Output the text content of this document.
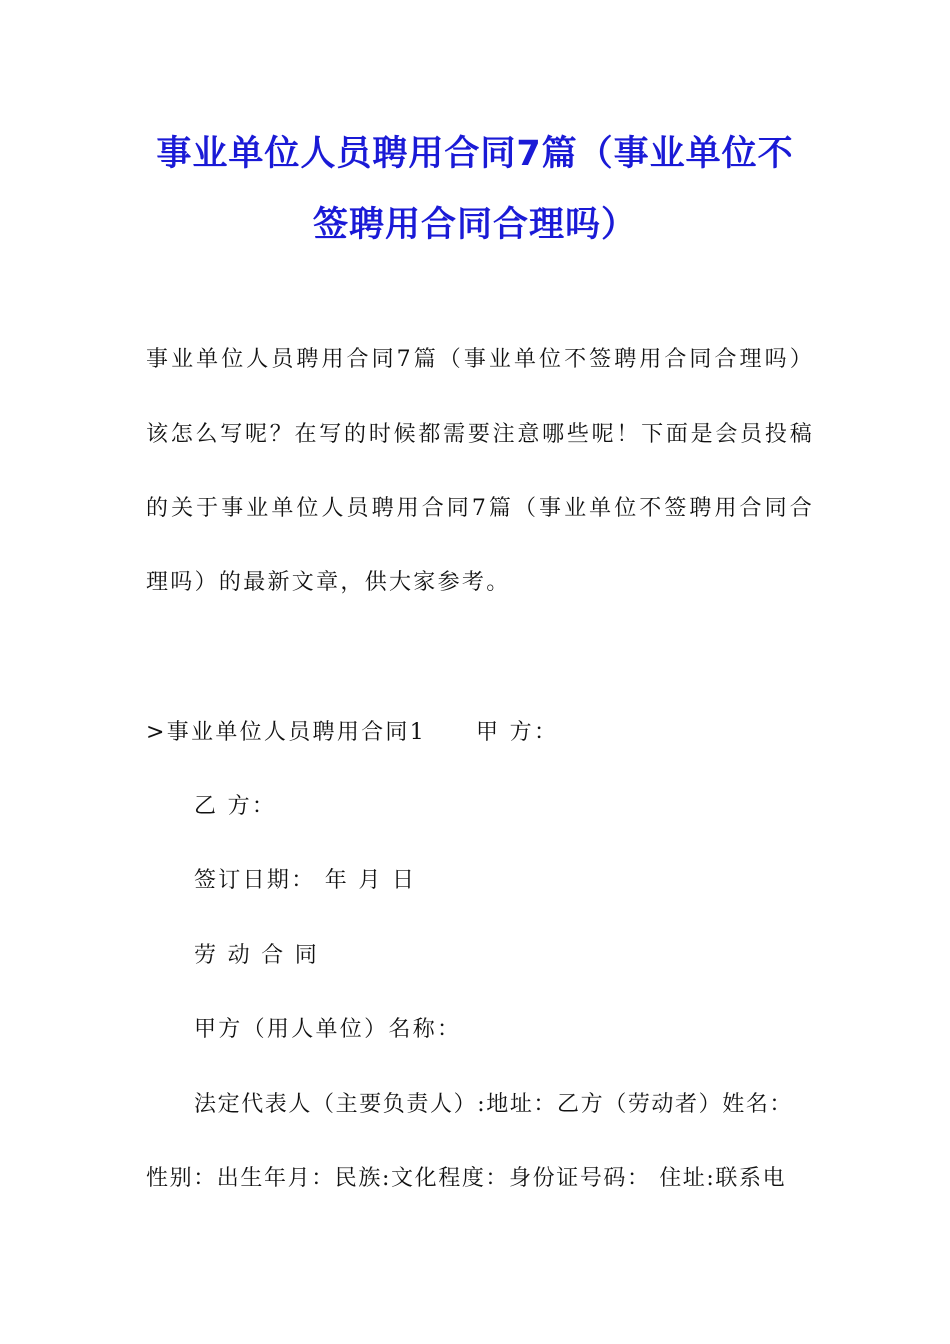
事业单位人员聘用合同7篇（事业单位不
签聘用合同合理吗）
事业单位人员聘用合同7篇（事业单位不签聘用合同合理吗）
该怎么写呢？在写的时候都需要注意哪些呢！下面是会员投稿
的关于事业单位人员聘用合同7篇（事业单位不签聘用合同合
理吗）的最新文章，供大家参考。
>事业单位人员聘用合同1 甲 方：
乙 方：
签订日期： 年 月 日
劳 动 合 同
甲方（用人单位）名称：
法定代表人（主要负责人）:地址：乙方（劳动者）姓名：
性别：出生年月：民族:文化程度：身份证号码： 住址:联系电
